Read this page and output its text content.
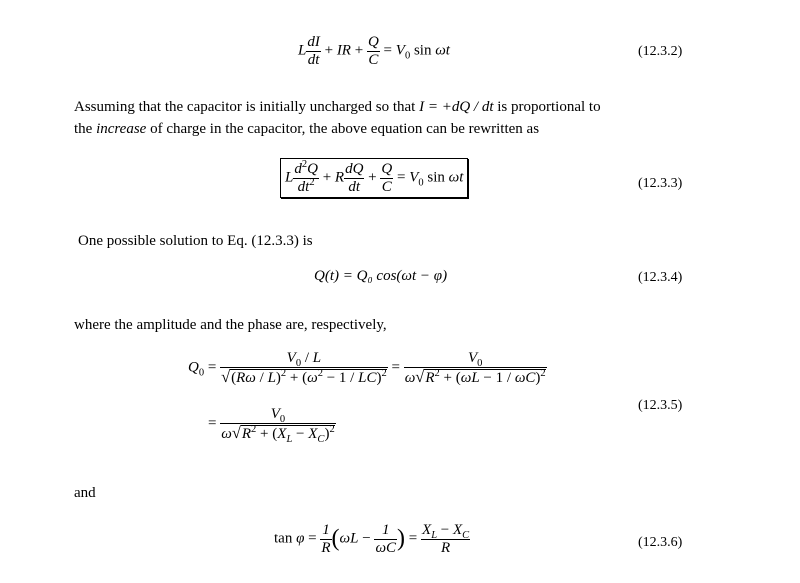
L $\frac{dI}{dt}$ + IR + $\frac{Q}{C} = V_0$ sin ωt	(12.3.2)
Assuming that the capacitor is initially uncharged so that I = +dQ / dt is proportional to
the increase of charge in the capacitor, the above equation can be rewritten as
L $\frac{d^2Q}{dt^2} + R \frac{dQ}{dt} + \frac{Q}{C} = V_0$ sin ωt	(12.3.3)
One possible solution to Eq. (12.3.3) is
Q(t) = Q₀ cos(ωt − φ)	(12.3.4)
where the amplitude and the phase are, respectively,
$Q_0 = \frac{V_0 / L}{√(R\omega / L)^2 + (\omega^2 - 1 / LC)^2} = \frac{V_0}{\omega√R^2 + (\omega L - 1 / \omega C)^2}$
= $\frac{V_0}{\omega√R^2 + (X_L - X_C)^2}$
(12.3.5)
and
$\tan \varphi = \frac{1}{R} (\omega L - \frac{1}{\omega C}$ ) = $\frac{X_L - X_C}{R}$	(12.3.6)
